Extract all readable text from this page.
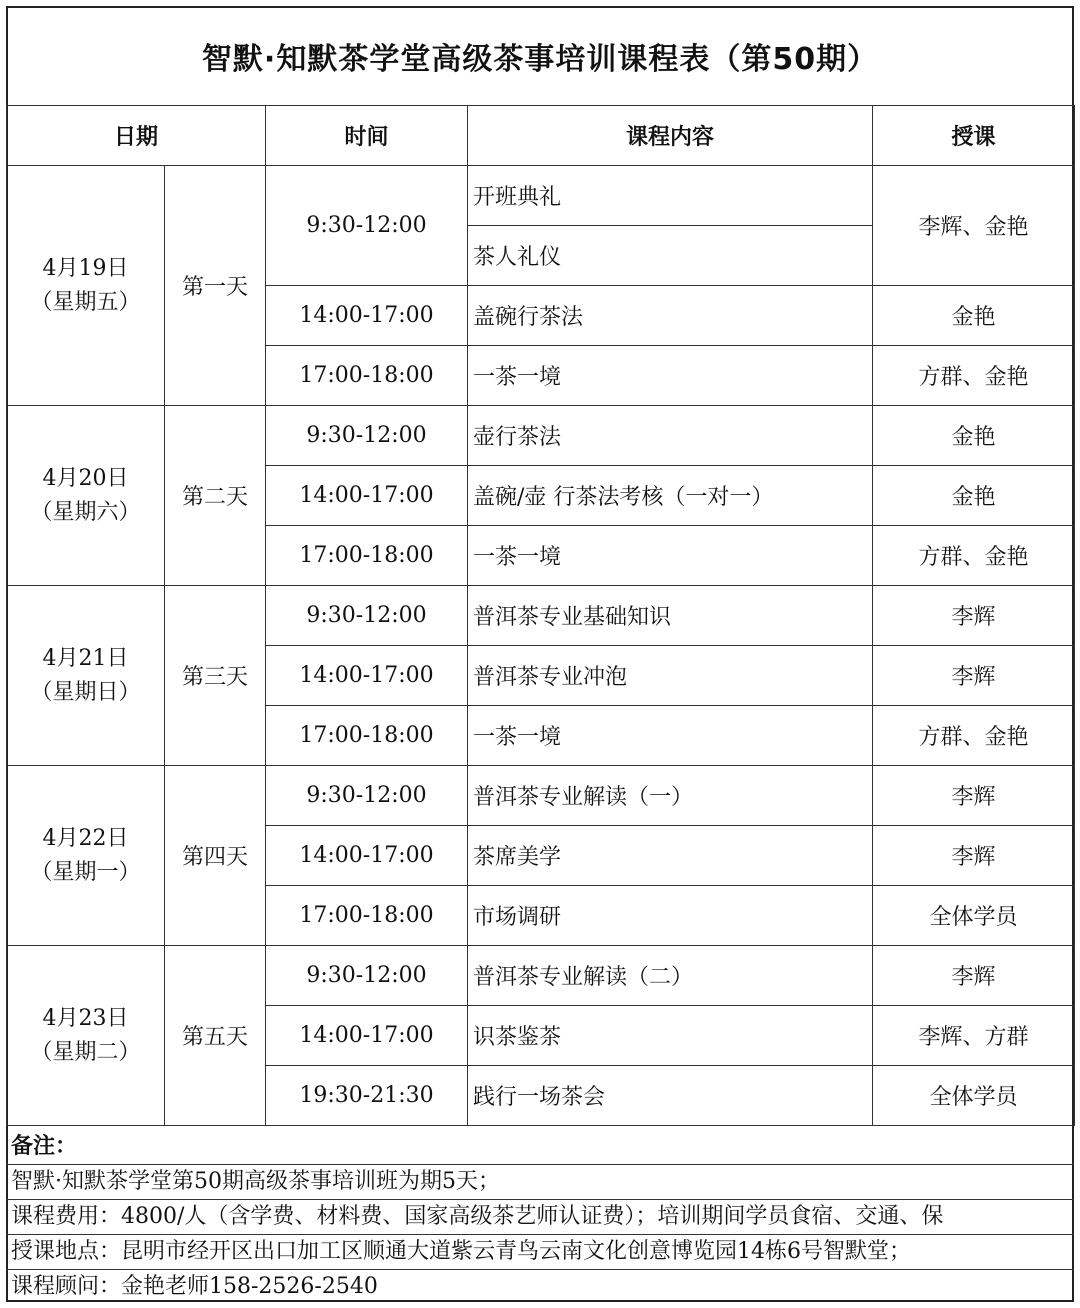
智默·知默茶学堂高级茶事培训课程表（第50期）
日期		时间	课程内容	授课

4月19日
（星期五）	第一天	9:30-12:00	开班典礼	李辉、金艳
			茶人礼仪	
		14:00-17:00	盖碗行茶法	金艳
		17:00-18:00	一茶一境	方群、金艳

4月20日
（星期六）	第二天	9:30-12:00	壶行茶法	金艳
		14:00-17:00	盖碗/壶 行茶法考核（一对一）	金艳
		17:00-18:00	一茶一境	方群、金艳

4月21日
（星期日）	第三天	9:30-12:00	普洱茶专业基础知识	李辉
		14:00-17:00	普洱茶专业冲泡	李辉
		17:00-18:00	一茶一境	方群、金艳

4月22日
（星期一）	第四天	9:30-12:00	普洱茶专业解读（一）	李辉
		14:00-17:00	茶席美学	李辉
		17:00-18:00	市场调研	全体学员

4月23日
（星期二）	第五天	9:30-12:00	普洱茶专业解读（二）	李辉
		14:00-17:00	识茶鉴茶	李辉、方群
		19:30-21:30	践行一场茶会	全体学员
备注：
智默·知默茶学堂第50期高级茶事培训班为期5天；
课程费用：4800/人（含学费、材料费、国家高级茶艺师认证费）；培训期间学员食宿、交通、保
授课地点：昆明市经开区出口加工区顺通大道紫云青鸟云南文化创意博览园14栋6号智默堂；
课程顾问：金艳老师158-2526-2540
